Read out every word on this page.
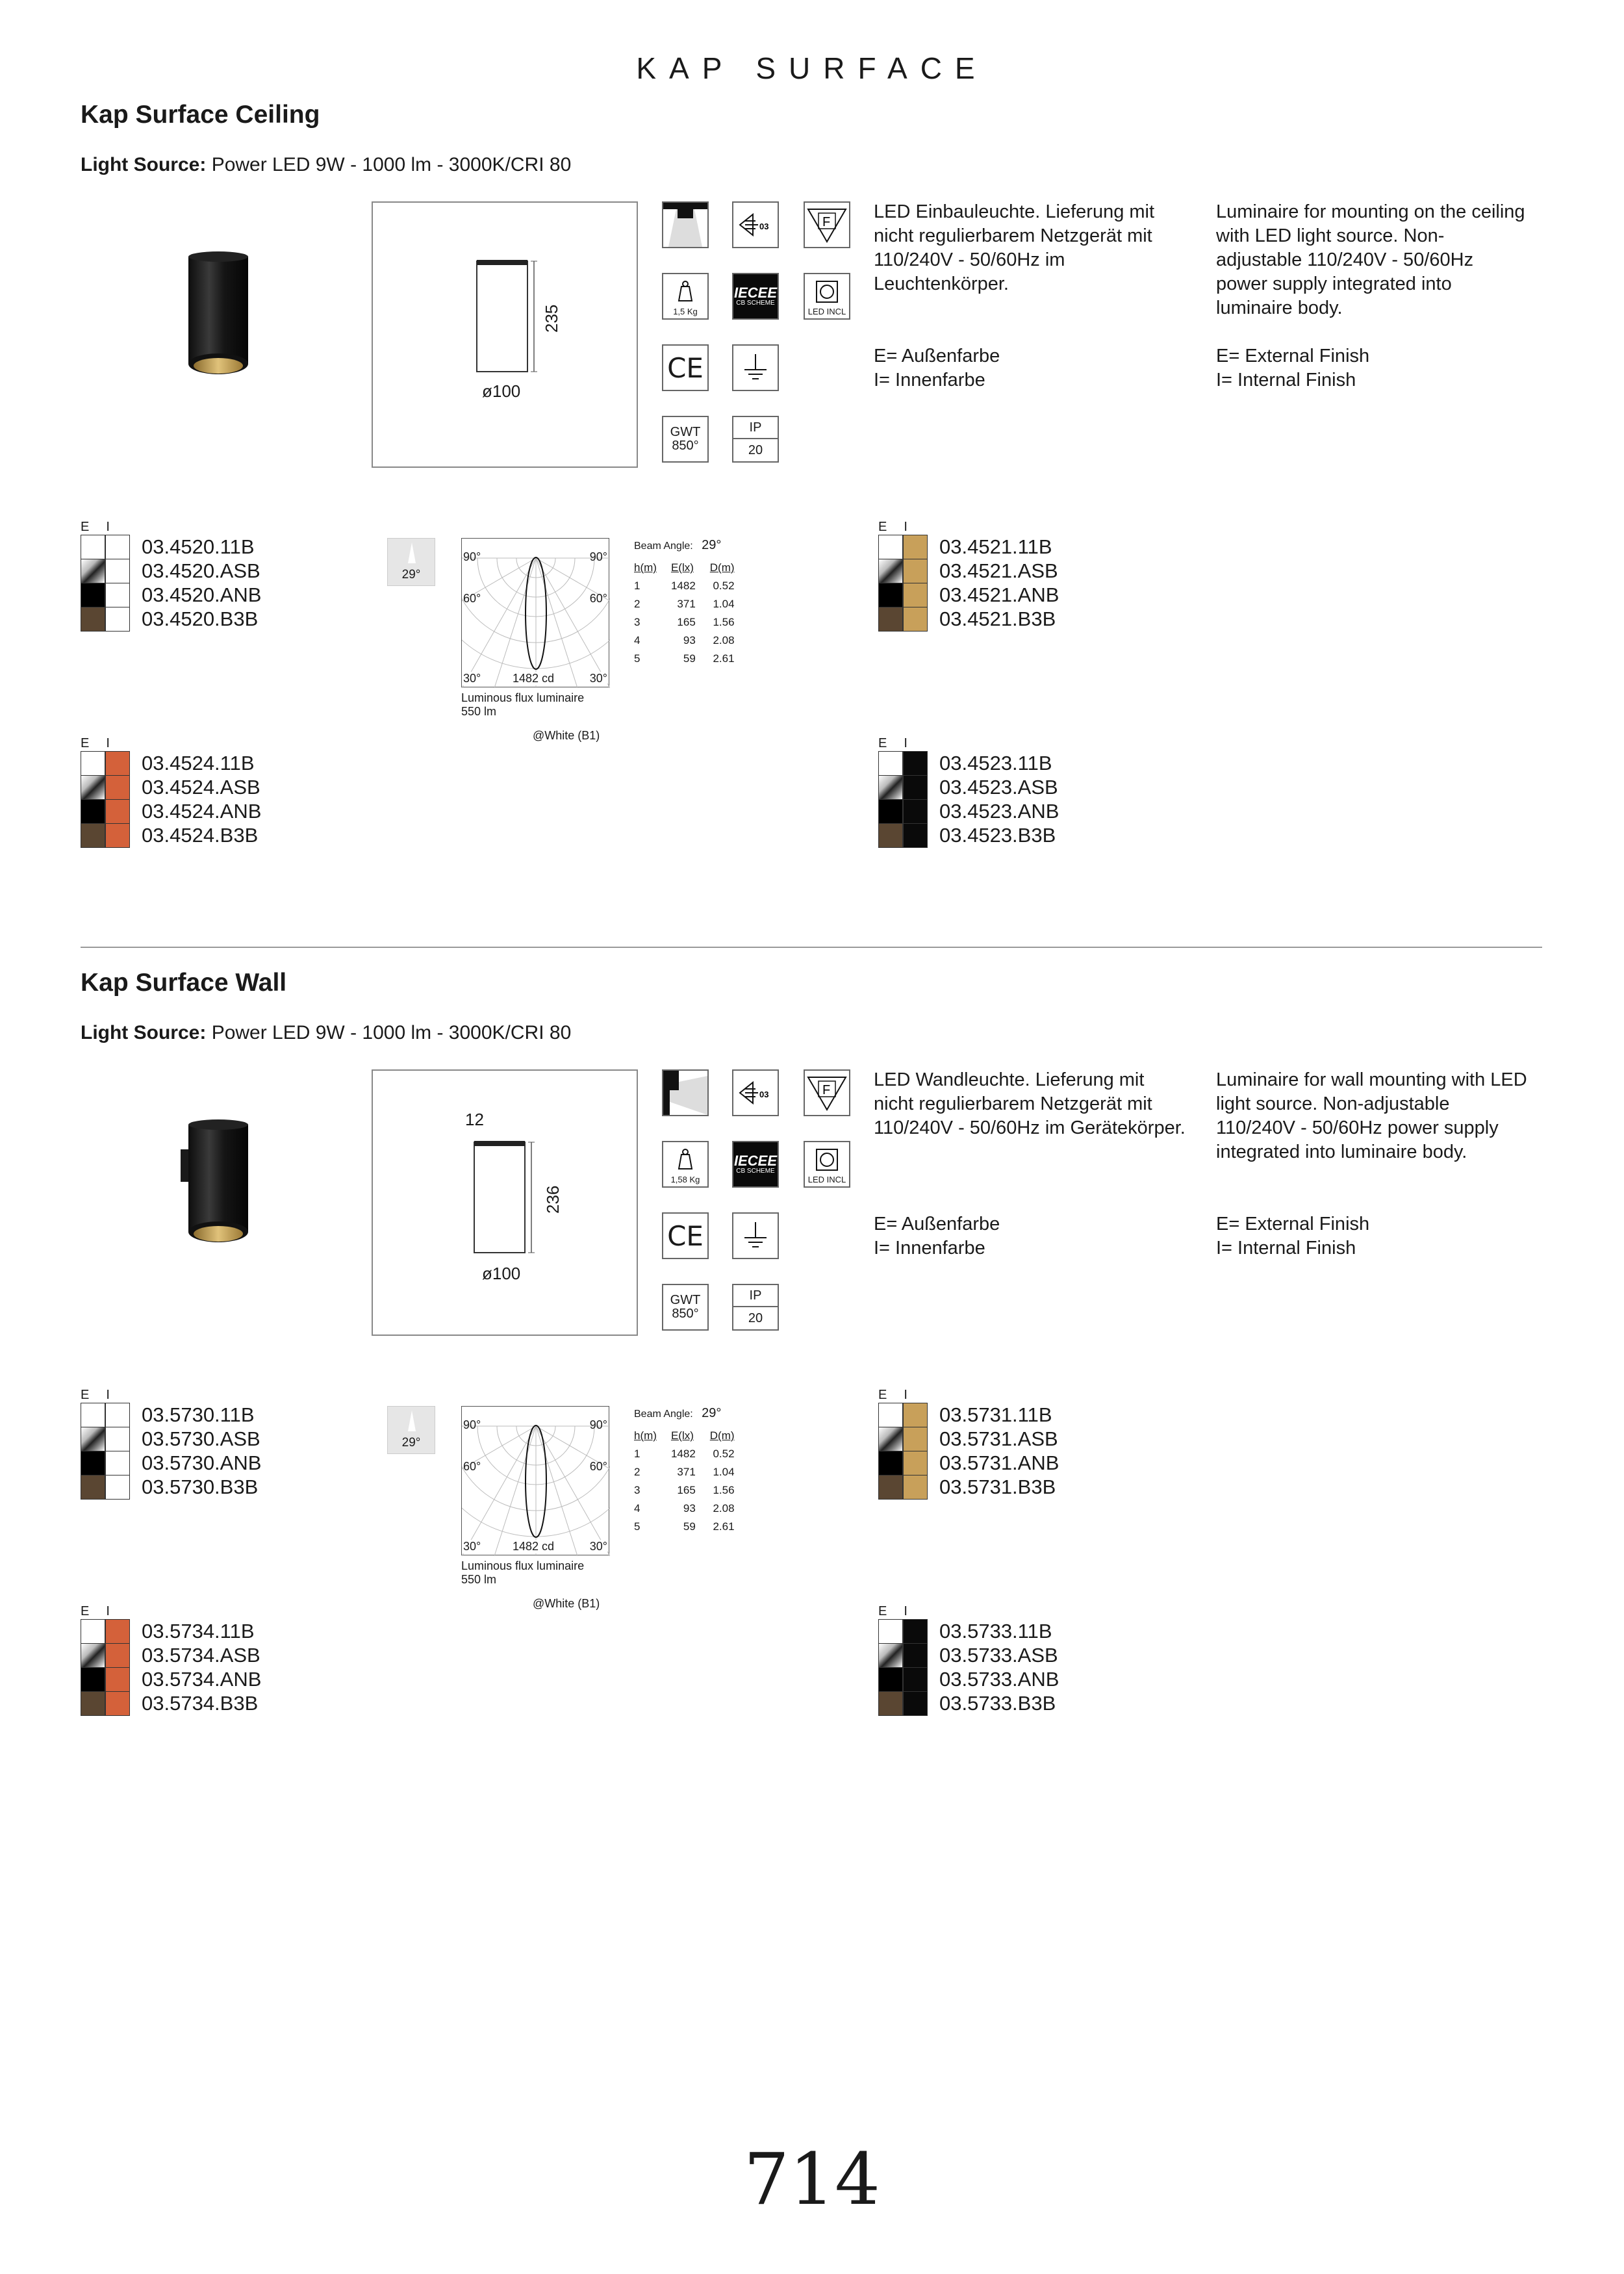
KAP SURFACE
Kap Surface Ceiling
Light Source: Power LED 9W - 1000 lm - 3000K/CRI 80
235
ø100
03	F
1,5 Kg
IECEE
CB SCHEME
LED INCL
CE
GWT
850°
IP
20
LED Einbauleuchte. Lieferung mit nicht regulierbarem Netzgerät mit 110/240V - 50/60Hz im Leuchtenkörper.
E= Außenfarbe
I= Innenfarbe
Luminaire for mounting on the ceiling with LED light source. Non-adjustable 110/240V - 50/60Hz power supply integrated into luminaire body.
E= External Finish
I= Internal Finish
EI
03.4520.11B
03.4520.ASB
03.4520.ANB
03.4520.B3B
EI
03.4521.11B
03.4521.ASB
03.4521.ANB
03.4521.B3B
EI
03.4524.11B
03.4524.ASB
03.4524.ANB
03.4524.B3B
EI
03.4523.11B
03.4523.ASB
03.4523.ANB
03.4523.B3B
29°
90°	90°
60°	60°
30°	30°
1482 cd
Luminous flux luminaire
550 lm
@White (B1)
Beam Angle: 29°
h(m)	E(lx)	D(m)
1	1482	0.52
2	371	1.04
3	165	1.56
4	93	2.08
5	59	2.61
Kap Surface Wall
Light Source: Power LED 9W - 1000 lm - 3000K/CRI 80
236
ø100
12
03	F
1,58 Kg
IECEE
CB SCHEME
LED INCL
CE
GWT
850°
IP
20
LED Wandleuchte. Lieferung mit nicht regulierbarem Netzgerät mit 110/240V - 50/60Hz im Gerätekörper.
E= Außenfarbe
I= Innenfarbe
Luminaire for wall mounting with LED light source. Non-adjustable 110/240V - 50/60Hz power supply integrated into luminaire body.
E= External Finish
I= Internal Finish
EI
03.5730.11B
03.5730.ASB
03.5730.ANB
03.5730.B3B
EI
03.5731.11B
03.5731.ASB
03.5731.ANB
03.5731.B3B
EI
03.5734.11B
03.5734.ASB
03.5734.ANB
03.5734.B3B
EI
03.5733.11B
03.5733.ASB
03.5733.ANB
03.5733.B3B
29°
90°	90°
60°	60°
30°	30°
1482 cd
Luminous flux luminaire
550 lm
@White (B1)
Beam Angle: 29°
h(m)	E(lx)	D(m)
1	1482	0.52
2	371	1.04
3	165	1.56
4	93	2.08
5	59	2.61
714
